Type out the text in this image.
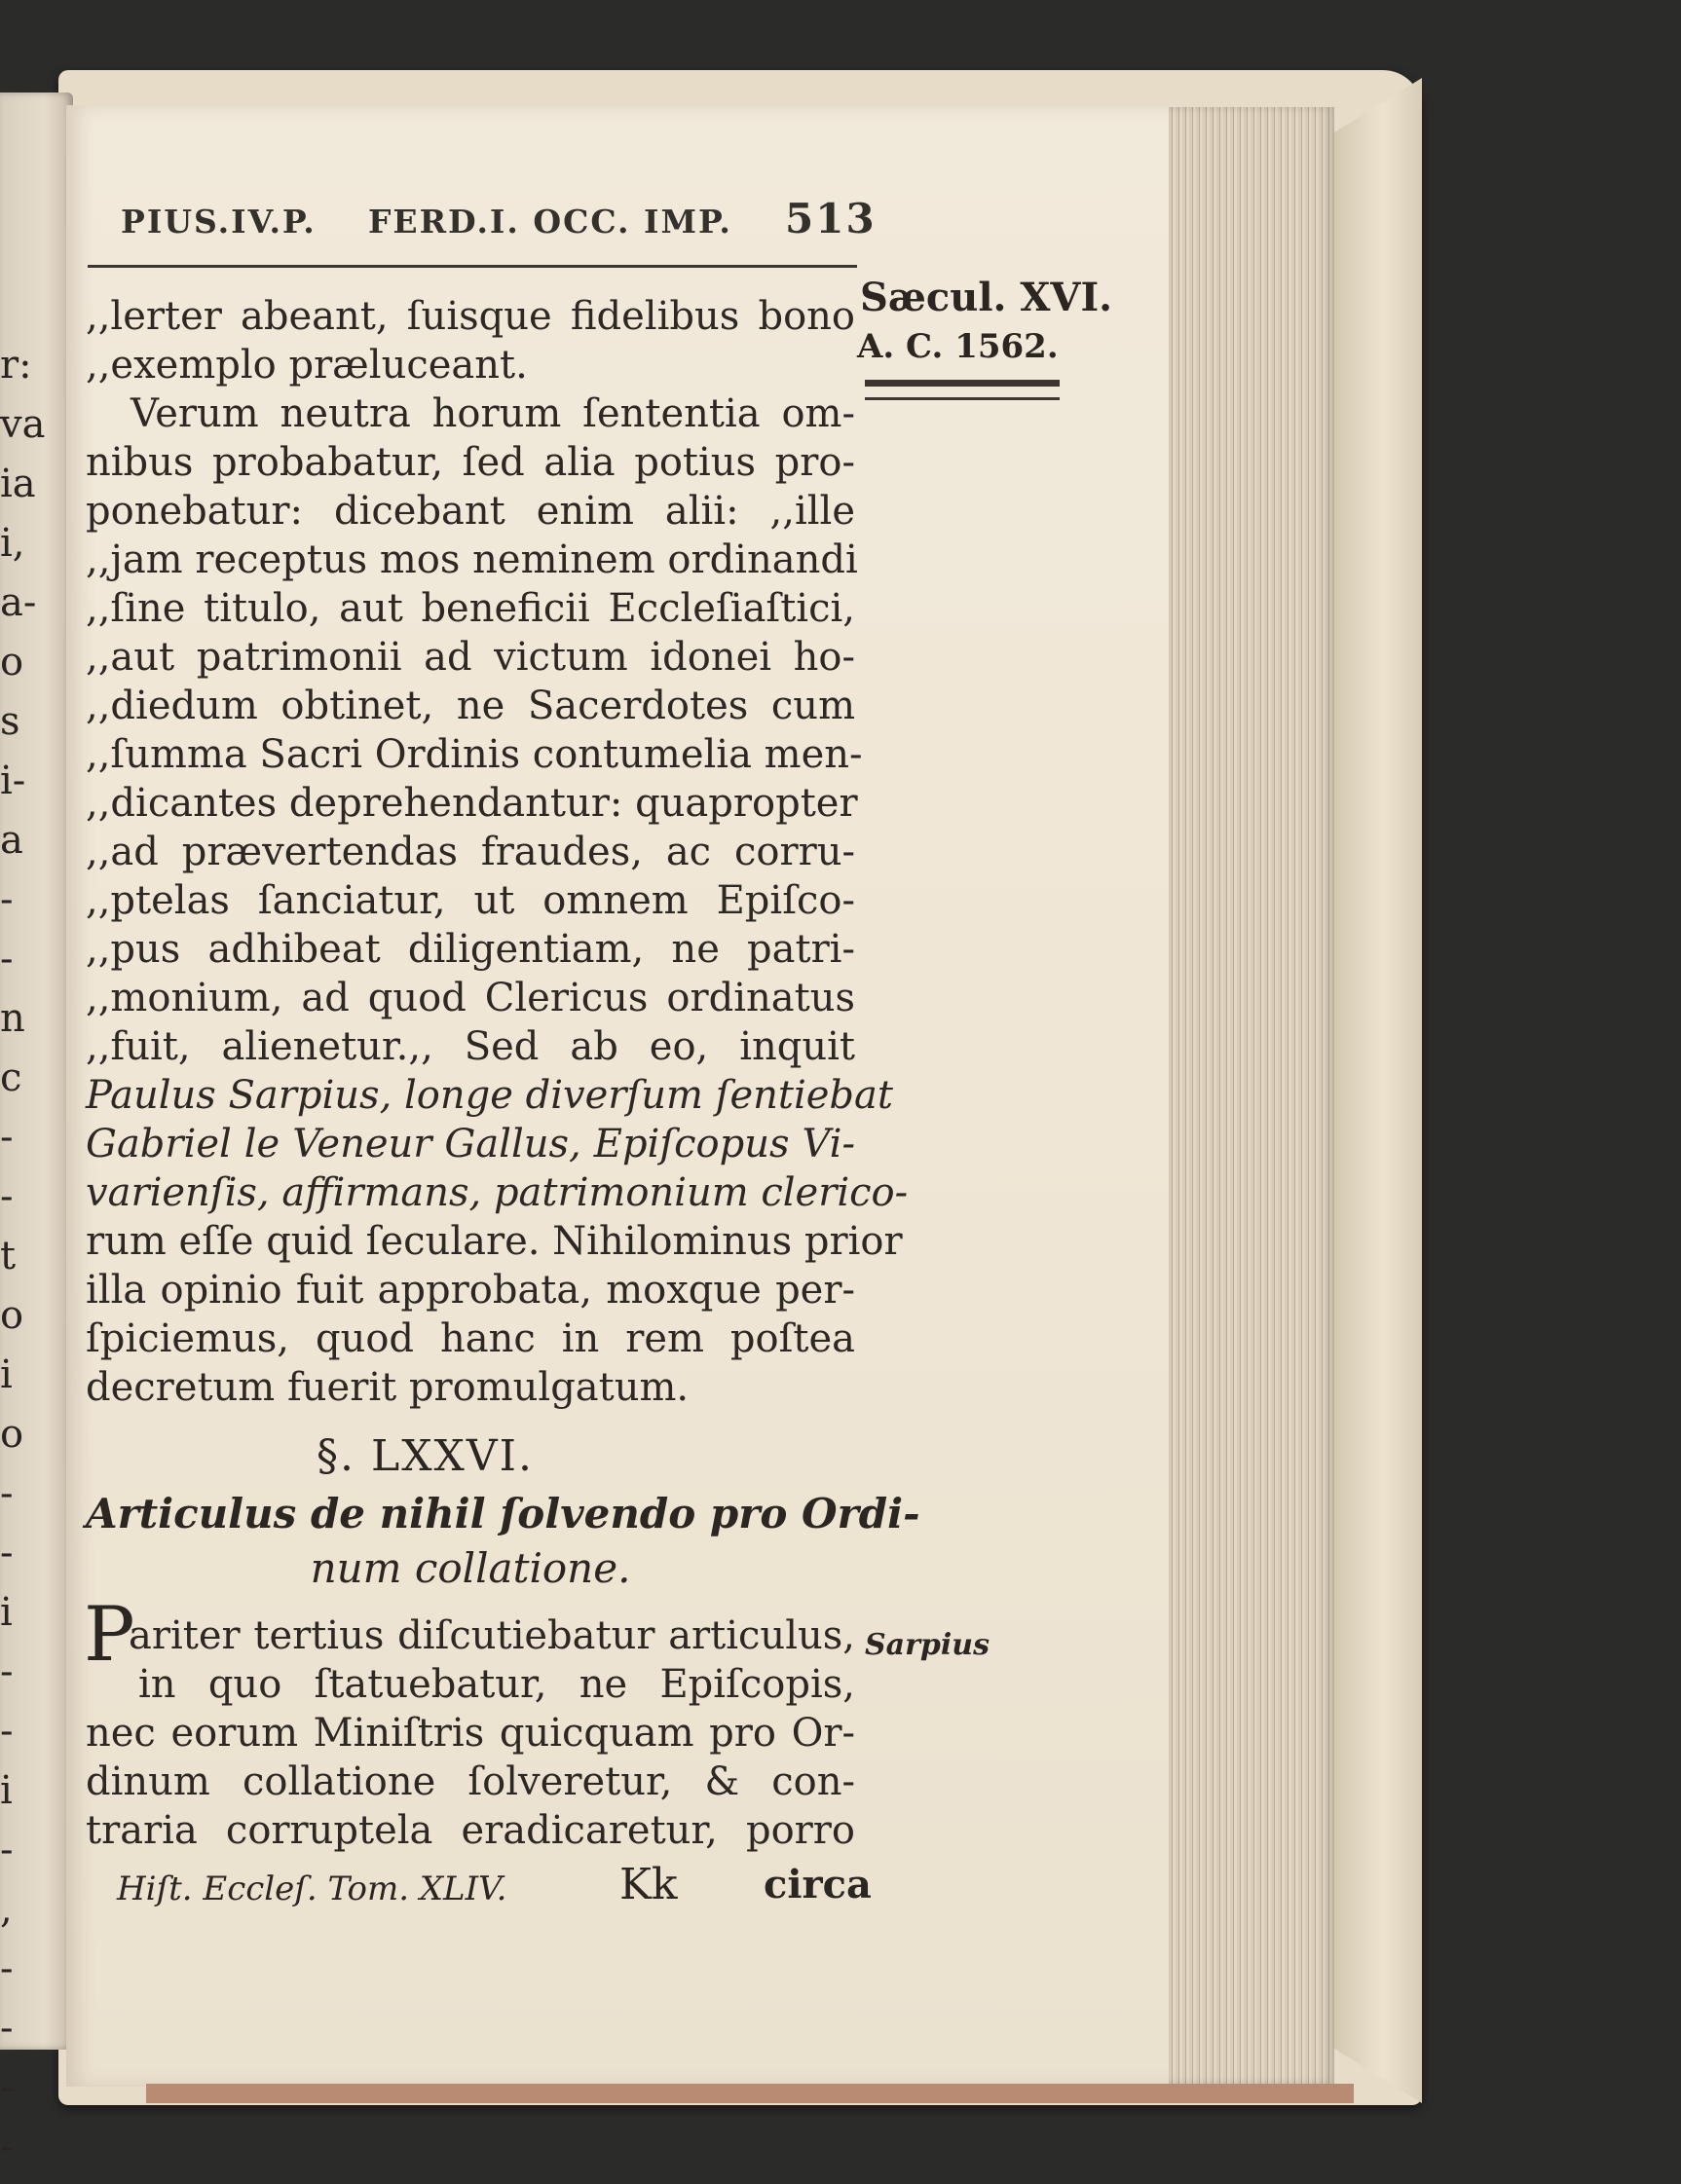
r:
va
ia
i,
a-
o
s
i-
a
-
-
n
c
-
-
t
o
i
o
-
-
i
-
-
i
-
,
-
-
-
-
PIUS.IV.P. FERD.I. OCC. IMP. 513
Sæcul. XVI.
A. C. 1562.
,,lerter abeant, ſuisque fidelibus bono
,,exemplo præluceant.
Verum neutra horum ſententia om-
nibus probabatur, ſed alia potius pro-
ponebatur: dicebant enim alii: ,,ille
,,jam receptus mos neminem ordinandi
,,ſine titulo, aut beneficii Eccleſiaſtici,
,,aut patrimonii ad victum idonei ho-
,,diedum obtinet, ne Sacerdotes cum
,,ſumma Sacri Ordinis contumelia men-
,,dicantes deprehendantur: quapropter
,,ad prævertendas fraudes, ac corru-
,,ptelas ſanciatur, ut omnem Epiſco-
,,pus adhibeat diligentiam, ne patri-
,,monium, ad quod Clericus ordinatus
,,fuit, alienetur.,, Sed ab eo, inquit
Paulus Sarpius, longe diverſum ſentiebat
Gabriel le Veneur Gallus, Epiſcopus Vi-
varienſis, affirmans, patrimonium clerico-
rum eſſe quid ſeculare. Nihilominus prior
illa opinio fuit approbata, moxque per-
ſpiciemus, quod hanc in rem poſtea
decretum fuerit promulgatum.
§. LXXVI.
Articulus de nihil ſolvendo pro Ordi-
num collatione.
P
ariter tertius diſcutiebatur articulus,
in quo ſtatuebatur, ne Epiſcopis,
nec eorum Miniſtris quicquam pro Or-
dinum collatione ſolveretur, & con-
traria corruptela eradicaretur, porro
Sarpius
Hiſt. Eccleſ. Tom. XLIV.	Kk circa
